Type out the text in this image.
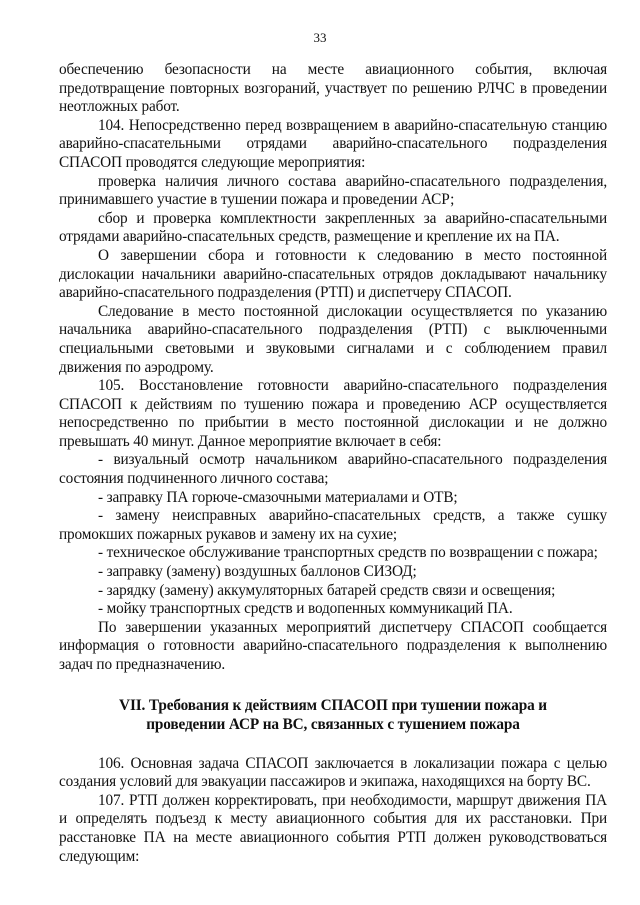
33

обеспечению безопасности на месте авиационного события, включая предотвращение повторных возгораний, участвует по решению РЛЧС в проведении неотложных работ.

104. Непосредственно перед возвращением в аварийно-спасательную станцию аварийно-спасательными отрядами аварийно-спасательного подразделения СПАСОП проводятся следующие мероприятия:

проверка наличия личного состава аварийно-спасательного подразделения, принимавшего участие в тушении пожара и проведении АСР;

сбор и проверка комплектности закрепленных за аварийно-спасательными отрядами аварийно-спасательных средств, размещение и крепление их на ПА.

О завершении сбора и готовности к следованию в место постоянной дислокации начальники аварийно-спасательных отрядов докладывают начальнику аварийно-спасательного подразделения (РТП) и диспетчеру СПАСОП.

Следование в место постоянной дислокации осуществляется по указанию начальника аварийно-спасательного подразделения (РТП) с выключенными специальными световыми и звуковыми сигналами и с соблюдением правил движения по аэродрому.

105. Восстановление готовности аварийно-спасательного подразделения СПАСОП к действиям по тушению пожара и проведению АСР осуществляется непосредственно по прибытии в место постоянной дислокации и не должно превышать 40 минут. Данное мероприятие включает в себя:

- визуальный осмотр начальником аварийно-спасательного подразделения состояния подчиненного личного состава;

- заправку ПА горюче-смазочными материалами и ОТВ;

- замену неисправных аварийно-спасательных средств, а также сушку промокших пожарных рукавов и замену их на сухие;

- техническое обслуживание транспортных средств по возвращении с пожара;

- заправку (замену) воздушных баллонов СИЗОД;

- зарядку (замену) аккумуляторных батарей средств связи и освещения;

- мойку транспортных средств и водопенных коммуникаций ПА.

По завершении указанных мероприятий диспетчеру СПАСОП сообщается информация о готовности аварийно-спасательного подразделения к выполнению задач по предназначению.

VII. Требования к действиям СПАСОП при тушении пожара и проведении АСР на ВС, связанных с тушением пожара

106. Основная задача СПАСОП заключается в локализации пожара с целью создания условий для эвакуации пассажиров и экипажа, находящихся на борту ВС.

107. РТП должен корректировать, при необходимости, маршрут движения ПА и определять подъезд к месту авиационного события для их расстановки. При расстановке ПА на месте авиационного события РТП должен руководствоваться следующим:
